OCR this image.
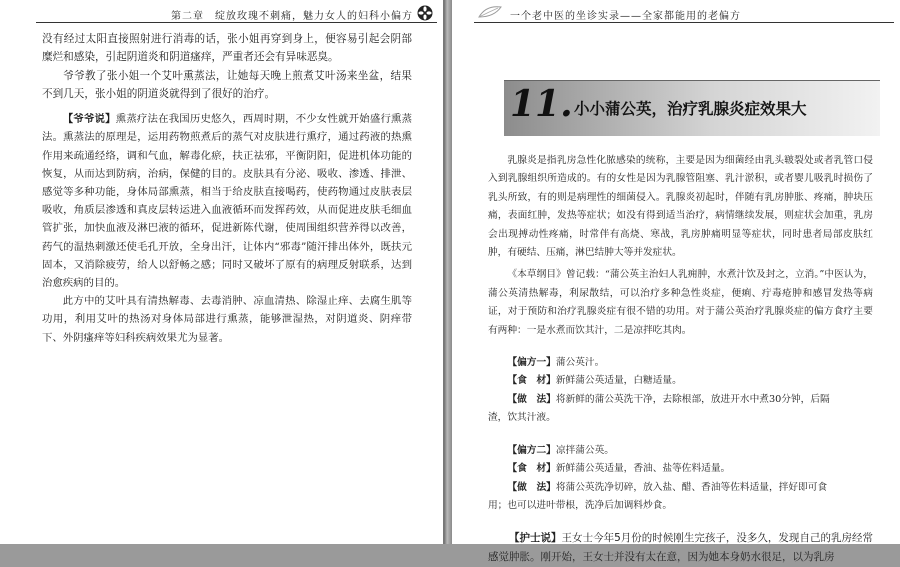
第二章　绽放玫瑰不刺痛，魅力女人的妇科小偏方

没有经过太阳直接照射进行消毒的话，张小姐再穿到身上，便容易引起会阴部糜烂和感染，引起阴道炎和阴道瘙痒，严重者还会有异味恶臭。

爷爷教了张小姐一个艾叶熏蒸法，让她每天晚上煎煮艾叶汤来坐盆，结果不到几天，张小姐的阴道炎就得到了很好的治疗。

【爷爷说】熏蒸疗法在我国历史悠久，西周时期，不少女性就开始盛行熏蒸法。熏蒸法的原理是，运用药物煎煮后的蒸气对皮肤进行熏疗，通过药液的热熏作用来疏通经络，调和气血，解毒化瘀，扶正祛邪，平衡阴阳，促进机体功能的恢复，从而达到防病，治病，保健的目的。皮肤具有分泌、吸收、渗透、排泄、感觉等多种功能，身体局部熏蒸，相当于给皮肤直接喝药，使药物通过皮肤表层吸收，角质层渗透和真皮层转运进入血液循环而发挥药效，从而促进皮肤毛细血管扩张，加快血液及淋巴液的循环，促进新陈代谢，使周围组织营养得以改善，药气的温热刺激还使毛孔开放，全身出汗，让体内“邪毒”随汗排出体外，既扶元固本，又消除疲劳，给人以舒畅之感；同时又破坏了原有的病理反射联系，达到治愈疾病的目的。

此方中的艾叶具有清热解毒、去毒消肿、凉血清热、除湿止痒、去腐生肌等功用，利用艾叶的热汤对身体局部进行熏蒸，能够泄湿热，对阴道炎、阴痒带下、外阴瘙痒等妇科疾病效果尤为显著。

一个老中医的坐诊实录——全家都能用的老偏方
11. 小小蒲公英，治疗乳腺炎症效果大

乳腺炎是指乳房急性化脓感染的统称，主要是因为细菌经由乳头皲裂处或者乳管口侵入到乳腺组织所造成的。有的女性是因为乳腺管阻塞、乳汁淤积，或者婴儿吸乳时损伤了乳头所致，有的则是病理性的细菌侵入。乳腺炎初起时，伴随有乳房肿胀、疼痛，肿块压痛，表面红肿，发热等症状；如没有得到适当治疗，病情继续发展，则症状会加重，乳房会出现搏动性疼痛，时常伴有高烧、寒战，乳房肿痛明显等症状，同时患者局部皮肤红肿，有硬结、压痛，淋巴结肿大等并发症状。

《本草纲目》曾记载：“蒲公英主治妇人乳痈肿，水煮汁饮及封之，立消。”中医认为，蒲公英清热解毒，利尿散结，可以治疗多种急性炎症，便痢、疔毒疮肿和感冒发热等病证，对于预防和治疗乳腺炎症有很不错的功用。对于蒲公英治疗乳腺炎症的偏方食疗主要有两种：一是水煮而饮其汁，二是凉拌吃其肉。

【偏方一】蒲公英汁。

【食　材】新鲜蒲公英适量，白糖适量。

【做　法】将新鲜的蒲公英洗干净，去除根部，放进开水中煮30分钟，后隔

渣，饮其汁液。

【偏方二】凉拌蒲公英。

【食　材】新鲜蒲公英适量，香油、盐等佐料适量。

【做　法】将蒲公英洗净切碎，放入盐、醋、香油等佐料适量，拌好即可食

用；也可以进叶带根，洗净后加调料炒食。

【护士说】王女士今年5月份的时候刚生完孩子，没多久，发现自己的乳房经常感觉肿胀。刚开始，王女士并没有太在意，因为她本身奶水很足，以为乳房
